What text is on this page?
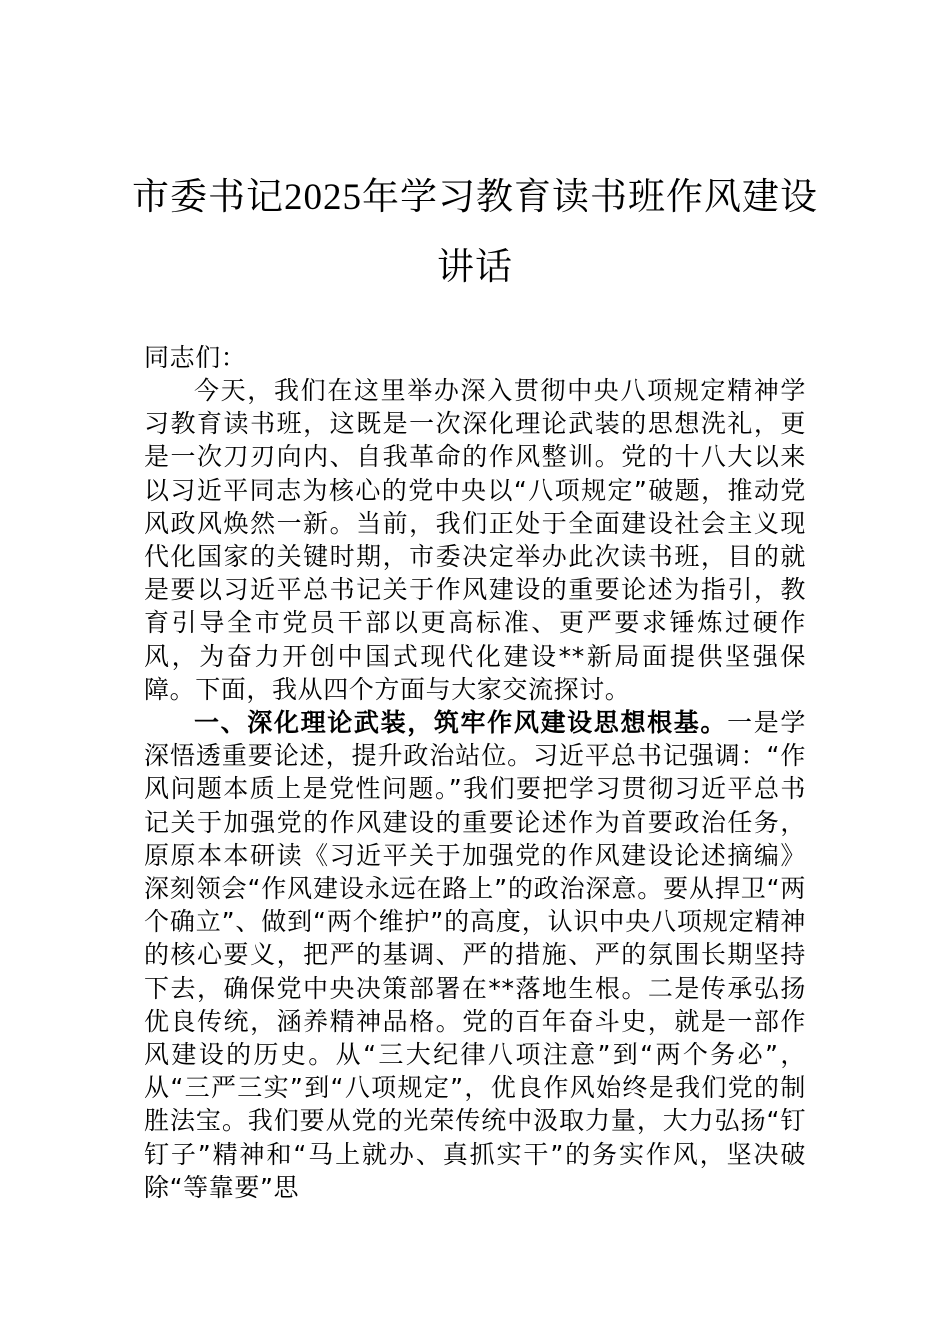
市委书记2025年学习教育读书班作风建设
讲话
同志们：

今天，我们在这里举办深入贯彻中央八项规定精神学习教育读书班，这既是一次深化理论武装的思想洗礼，更是一次刀刃向内、自我革命的作风整训。党的十八大以来以习近平同志为核心的党中央以“八项规定”破题，推动党风政风焕然一新。当前，我们正处于全面建设社会主义现代化国家的关键时期，市委决定举办此次读书班，目的就是要以习近平总书记关于作风建设的重要论述为指引，教育引导全市党员干部以更高标准、更严要求锤炼过硬作风，为奋力开创中国式现代化建设**新局面提供坚强保障。下面，我从四个方面与大家交流探讨。

一、深化理论武装，筑牢作风建设思想根基。一是学深悟透重要论述，提升政治站位。习近平总书记强调：“作风问题本质上是党性问题。”我们要把学习贯彻习近平总书记关于加强党的作风建设的重要论述作为首要政治任务，原原本本研读《习近平关于加强党的作风建设论述摘编》深刻领会“作风建设永远在路上”的政治深意。要从捍卫“两个确立”、做到“两个维护”的高度，认识中央八项规定精神的核心要义，把严的基调、严的措施、严的氛围长期坚持下去，确保党中央决策部署在**落地生根。二是传承弘扬优良传统，涵养精神品格。党的百年奋斗史，就是一部作风建设的历史。从“三大纪律八项注意”到“两个务必”，从“三严三实”到“八项规定”，优良作风始终是我们党的制胜法宝。我们要从党的光荣传统中汲取力量，大力弘扬“钉钉子”精神和“马上就办、真抓实干”的务实作风，坚决破除“等靠要”思
